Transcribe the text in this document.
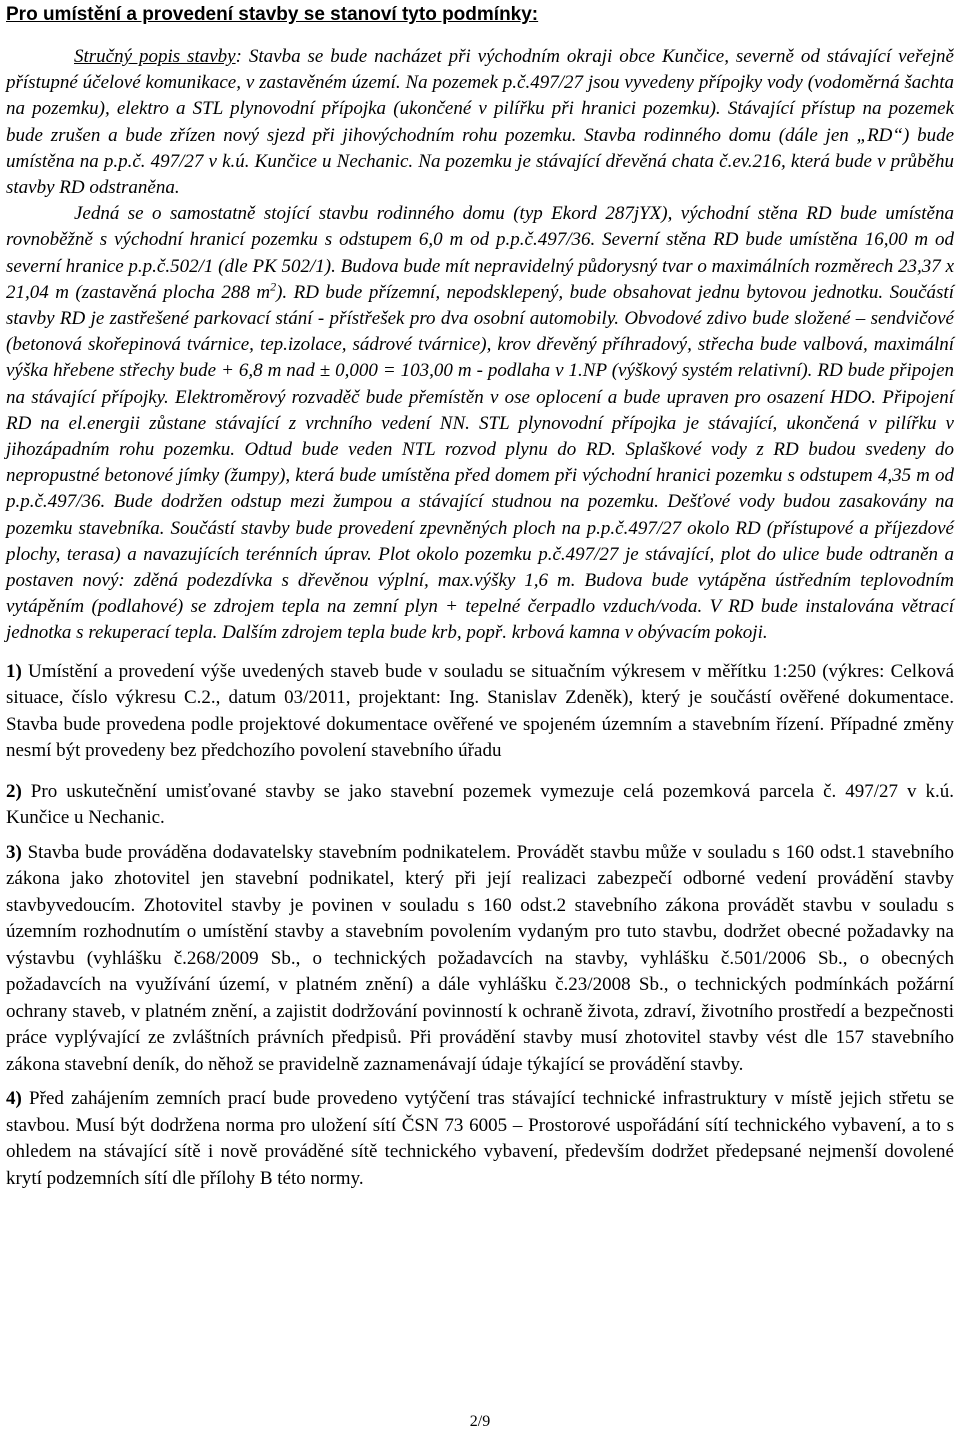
Pro umístění a provedení stavby se stanoví tyto podmínky:

Stručný popis stavby: Stavba se bude nacházet při východním okraji obce Kunčice, severně od stávající veřejně přístupné účelové komunikace, v zastavěném území. Na pozemek p.č.497/27 jsou vyvedeny přípojky vody (vodoměrná šachta na pozemku), elektro a STL plynovodní přípojka (ukončené v pilířku při hranici pozemku). Stávající přístup na pozemek bude zrušen a bude zřízen nový sjezd při jihovýchodním rohu pozemku. Stavba rodinného domu (dále jen „RD“) bude umístěna na p.p.č. 497/27 v k.ú. Kunčice u Nechanic. Na pozemku je stávající dřevěná chata č.ev.216, která bude v průběhu stavby RD odstraněna.

Jedná se o samostatně stojící stavbu rodinného domu (typ Ekord 287jYX), východní stěna RD bude umístěna rovnoběžně s východní hranicí pozemku s odstupem 6,0 m od p.p.č.497/36. Severní stěna RD bude umístěna 16,00 m od severní hranice p.p.č.502/1 (dle PK 502/1). Budova bude mít nepravidelný půdorysný tvar o maximálních rozměrech 23,37 x 21,04 m (zastavěná plocha 288 $m^2$). RD bude přízemní, nepodsklepený, bude obsahovat jednu bytovou jednotku. Součástí stavby RD je zastřešené parkovací stání - přístřešek pro dva osobní automobily. Obvodové zdivo bude složené – sendvičové (betonová skořepinová tvárnice, tep.izolace, sádrové tvárnice), krov dřevěný příhradový, střecha bude valbová, maximální výška hřebene střechy bude + 6,8 m nad ± 0,000 = 103,00 m - podlaha v 1.NP (výškový systém relativní). RD bude připojen na stávající přípojky. Elektroměrový rozvaděč bude přemístěn v ose oplocení a bude upraven pro osazení HDO. Připojení RD na el.energii zůstane stávající z vrchního vedení NN. STL plynovodní přípojka je stávající, ukončená v pilířku v jihozápadním rohu pozemku. Odtud bude veden NTL rozvod plynu do RD. Splaškové vody z RD budou svedeny do nepropustné betonové jímky (žumpy), která bude umístěna před domem při východní hranici pozemku s odstupem 4,35 m od p.p.č.497/36. Bude dodržen odstup mezi žumpou a stávající studnou na pozemku. Dešťové vody budou zasakovány na pozemku stavebníka. Součástí stavby bude provedení zpevněných ploch na p.p.č.497/27 okolo RD (přístupové a příjezdové plochy, terasa) a navazujících terénních úprav. Plot okolo pozemku p.č.497/27 je stávající, plot do ulice bude odtraněn a postaven nový: zděná podezdívka s dřevěnou výplní, max.výšky 1,6 m. Budova bude vytápěna ústředním teplovodním vytápěním (podlahové) se zdrojem tepla na zemní plyn + tepelné čerpadlo vzduch/voda. V RD bude instalována větrací jednotka s rekuperací tepla. Dalším zdrojem tepla bude krb, popř. krbová kamna v obývacím pokoji.

1) Umístění a provedení výše uvedených staveb bude v souladu se situačním výkresem v měřítku 1:250 (výkres: Celková situace, číslo výkresu C.2., datum 03/2011, projektant: Ing. Stanislav Zdeněk), který je součástí ověřené dokumentace. Stavba bude provedena podle projektové dokumentace ověřené ve spojeném územním a stavebním řízení. Případné změny nesmí být provedeny bez předchozího povolení stavebního úřadu

2) Pro uskutečnění umisťované stavby se jako stavební pozemek vymezuje celá pozemková parcela č. 497/27 v k.ú. Kunčice u Nechanic.

3) Stavba bude prováděna dodavatelsky stavebním podnikatelem. Provádět stavbu může v souladu s 160 odst.1 stavebního zákona jako zhotovitel jen stavební podnikatel, který při její realizaci zabezpečí odborné vedení provádění stavby stavbyvedoucím. Zhotovitel stavby je povinen v souladu s 160 odst.2 stavebního zákona provádět stavbu v souladu s územním rozhodnutím o umístění stavby a stavebním povolením vydaným pro tuto stavbu, dodržet obecné požadavky na výstavbu (vyhlášku č.268/2009 Sb., o technických požadavcích na stavby, vyhlášku č.501/2006 Sb., o obecných požadavcích na využívání území, v platném znění) a dále vyhlášku č.23/2008 Sb., o technických podmínkách požární ochrany staveb, v platném znění, a zajistit dodržování povinností k ochraně života, zdraví, životního prostředí a bezpečnosti práce vyplývající ze zvláštních právních předpisů. Při provádění stavby musí zhotovitel stavby vést dle 157 stavebního zákona stavební deník, do něhož se pravidelně zaznamenávají údaje týkající se provádění stavby.

4) Před zahájením zemních prací bude provedeno vytýčení tras stávající technické infrastruktury v místě jejich střetu se stavbou. Musí být dodržena norma pro uložení sítí ČSN 73 6005 – Prostorové uspořádání sítí technického vybavení, a to s ohledem na stávající sítě i nově prováděné sítě technického vybavení, především dodržet předepsané nejmenší dovolené krytí podzemních sítí dle přílohy B této normy.

2/9
